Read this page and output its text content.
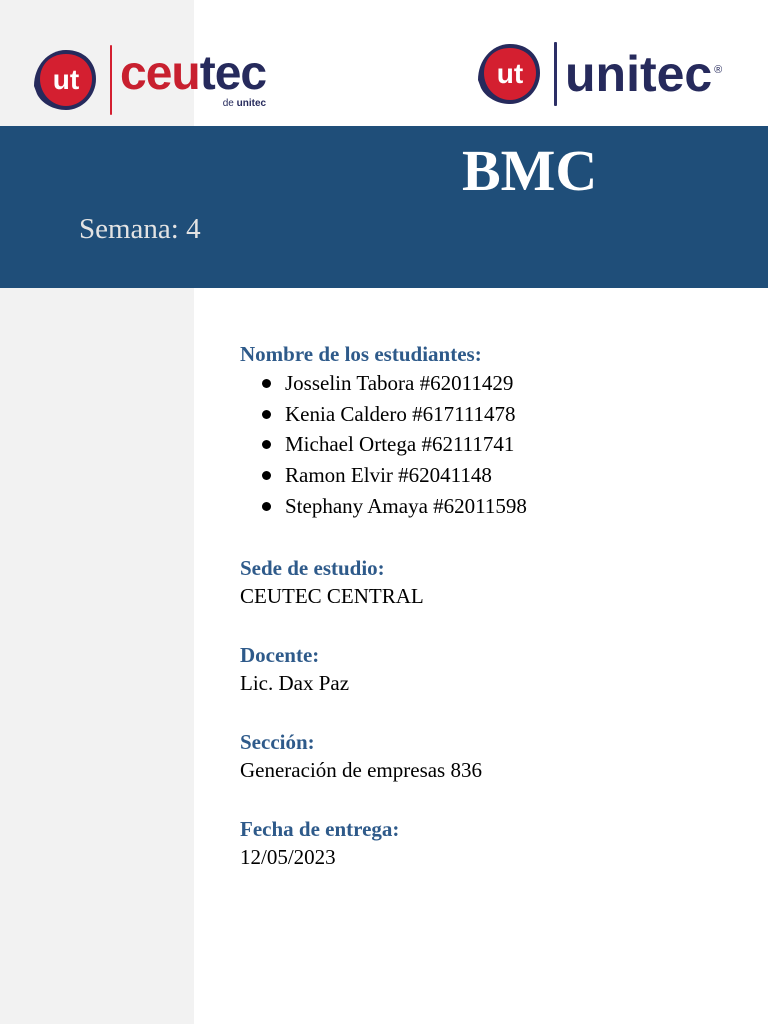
ut ceutec
de unitec
ut unitec ®
BMC
Semana: 4

Nombre de los estudiantes:

Josselin Tabora #62011429
Kenia Caldero #617111478
Michael Ortega #62111741
Ramon Elvir #62041148
Stephany Amaya #62011598

Sede de estudio:

CEUTEC CENTRAL

Docente:

Lic. Dax Paz

Sección:

Generación de empresas 836

Fecha de entrega:

12/05/2023
